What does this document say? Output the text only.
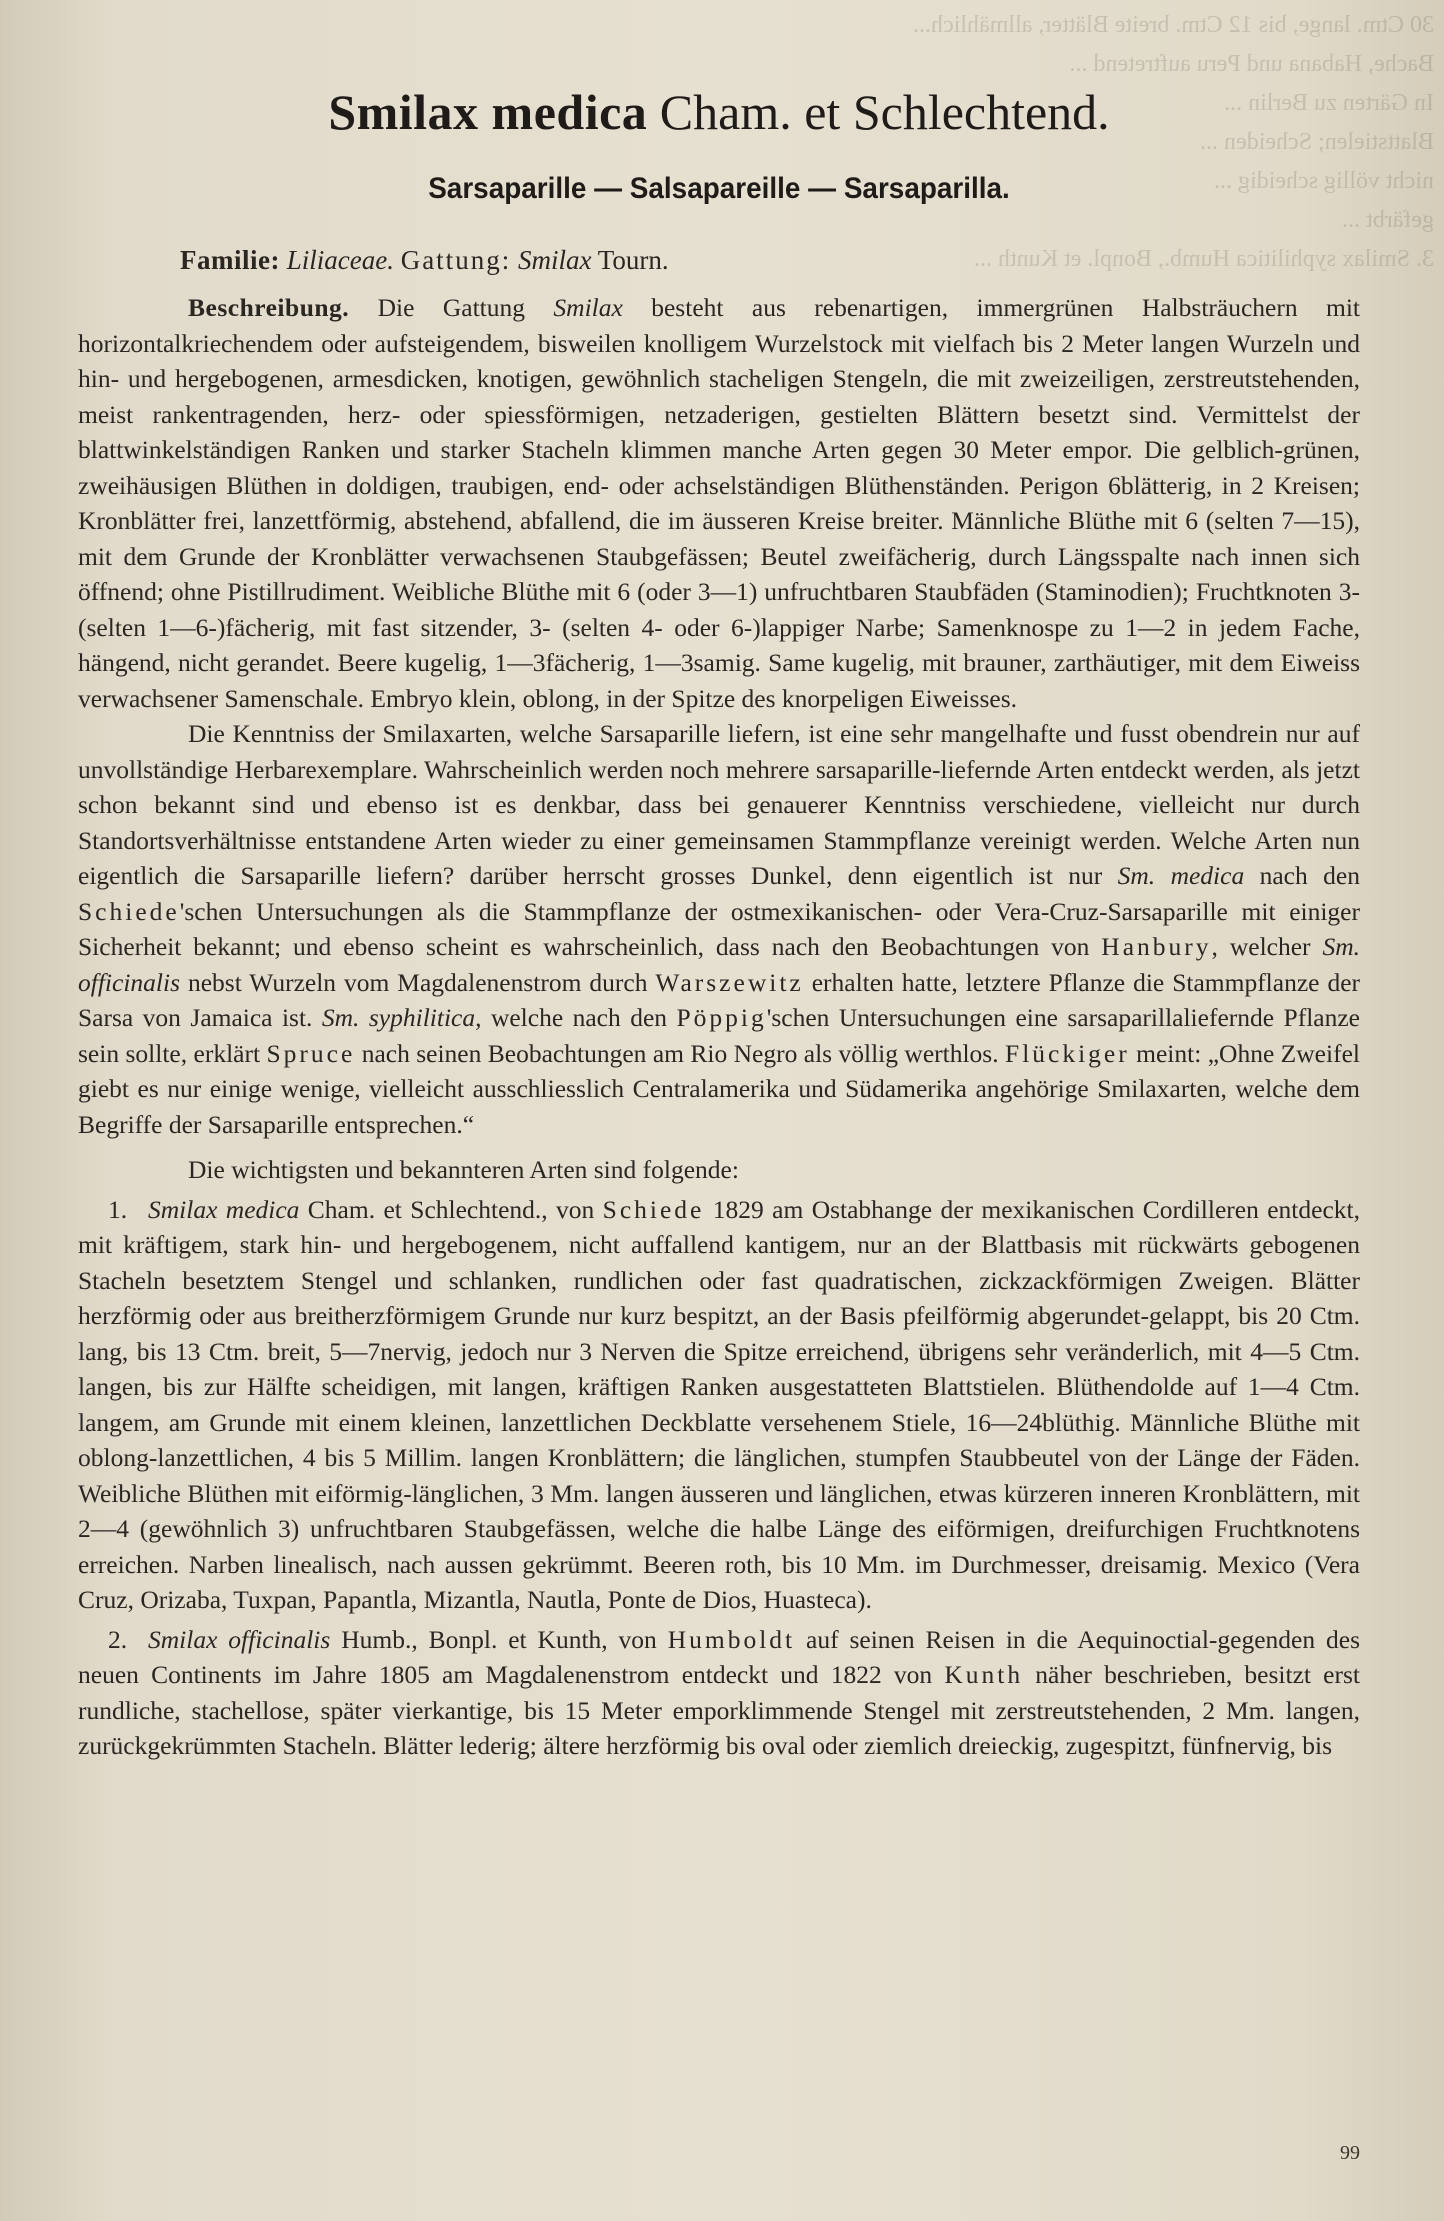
30 Ctm. lange, bis 12 Ctm. breite Blätter, allmählich...
Bache, Habana und Peru auftretend ...
In Gärten zu Berlin ...
Blattstielen; Scheiden ...
nicht völlig scheidig ...
gefärbt ...
3. Smilax syphilitica Humb., Bonpl. et Kunth ...
Smilax medica Cham. et Schlechtend.
Sarsaparille — Salsapareille — Sarsaparilla.
Familie: Liliaceae. Gattung: Smilax Tourn.

Beschreibung. Die Gattung Smilax besteht aus rebenartigen, immergrünen Halbsträuchern mit horizontalkriechendem oder aufsteigendem, bisweilen knolligem Wurzelstock mit vielfach bis 2 Meter langen Wurzeln und hin- und hergebogenen, armesdicken, knotigen, gewöhnlich stacheligen Stengeln, die mit zweizeiligen, zerstreutstehenden, meist rankentragenden, herz- oder spiessförmigen, netzaderigen, gestielten Blättern besetzt sind. Vermittelst der blattwinkelständigen Ranken und starker Stacheln klimmen manche Arten gegen 30 Meter empor. Die gelblich-grünen, zweihäusigen Blüthen in doldigen, traubigen, end- oder achselständigen Blüthenständen. Perigon 6blätterig, in 2 Kreisen; Kronblätter frei, lanzettförmig, abstehend, abfallend, die im äusseren Kreise breiter. Männliche Blüthe mit 6 (selten 7—15), mit dem Grunde der Kronblätter verwachsenen Staubgefässen; Beutel zweifächerig, durch Längsspalte nach innen sich öffnend; ohne Pistillrudiment. Weibliche Blüthe mit 6 (oder 3—1) unfruchtbaren Staubfäden (Staminodien); Fruchtknoten 3- (selten 1—6-)fächerig, mit fast sitzender, 3- (selten 4- oder 6-)lappiger Narbe; Samenknospe zu 1—2 in jedem Fache, hängend, nicht gerandet. Beere kugelig, 1—3fächerig, 1—3samig. Same kugelig, mit brauner, zarthäutiger, mit dem Eiweiss verwachsener Samenschale. Embryo klein, oblong, in der Spitze des knorpeligen Eiweisses.

Die Kenntniss der Smilaxarten, welche Sarsaparille liefern, ist eine sehr mangelhafte und fusst obendrein nur auf unvollständige Herbarexemplare. Wahrscheinlich werden noch mehrere sarsaparille-liefernde Arten entdeckt werden, als jetzt schon bekannt sind und ebenso ist es denkbar, dass bei genauerer Kenntniss verschiedene, vielleicht nur durch Standortsverhältnisse entstandene Arten wieder zu einer gemeinsamen Stammpflanze vereinigt werden. Welche Arten nun eigentlich die Sarsaparille liefern? darüber herrscht grosses Dunkel, denn eigentlich ist nur Sm. medica nach den Schiede'schen Untersuchungen als die Stammpflanze der ostmexikanischen- oder Vera-Cruz-Sarsaparille mit einiger Sicherheit bekannt; und ebenso scheint es wahrscheinlich, dass nach den Beobachtungen von Hanbury, welcher Sm. officinalis nebst Wurzeln vom Magdalenenstrom durch Warszewitz erhalten hatte, letztere Pflanze die Stammpflanze der Sarsa von Jamaica ist. Sm. syphilitica, welche nach den Pöppig'schen Untersuchungen eine sarsaparillaliefernde Pflanze sein sollte, erklärt Spruce nach seinen Beobachtungen am Rio Negro als völlig werthlos. Flückiger meint: „Ohne Zweifel giebt es nur einige wenige, vielleicht ausschliesslich Centralamerika und Südamerika angehörige Smilaxarten, welche dem Begriffe der Sarsaparille entsprechen.“

Die wichtigsten und bekannteren Arten sind folgende:

1. Smilax medica Cham. et Schlechtend., von Schiede 1829 am Ostabhange der mexikanischen Cordilleren entdeckt, mit kräftigem, stark hin- und hergebogenem, nicht auffallend kantigem, nur an der Blattbasis mit rückwärts gebogenen Stacheln besetztem Stengel und schlanken, rundlichen oder fast quadratischen, zickzackförmigen Zweigen. Blätter herzförmig oder aus breitherzförmigem Grunde nur kurz bespitzt, an der Basis pfeilförmig abgerundet-gelappt, bis 20 Ctm. lang, bis 13 Ctm. breit, 5—7nervig, jedoch nur 3 Nerven die Spitze erreichend, übrigens sehr veränderlich, mit 4—5 Ctm. langen, bis zur Hälfte scheidigen, mit langen, kräftigen Ranken ausgestatteten Blattstielen. Blüthendolde auf 1—4 Ctm. langem, am Grunde mit einem kleinen, lanzettlichen Deckblatte versehenem Stiele, 16—24blüthig. Männliche Blüthe mit oblong-lanzettlichen, 4 bis 5 Millim. langen Kronblättern; die länglichen, stumpfen Staubbeutel von der Länge der Fäden. Weibliche Blüthen mit eiförmig-länglichen, 3 Mm. langen äusseren und länglichen, etwas kürzeren inneren Kronblättern, mit 2—4 (gewöhnlich 3) unfruchtbaren Staubgefässen, welche die halbe Länge des eiförmigen, dreifurchigen Fruchtknotens erreichen. Narben linealisch, nach aussen gekrümmt. Beeren roth, bis 10 Mm. im Durchmesser, dreisamig. Mexico (Vera Cruz, Orizaba, Tuxpan, Papantla, Mizantla, Nautla, Ponte de Dios, Huasteca).

2. Smilax officinalis Humb., Bonpl. et Kunth, von Humboldt auf seinen Reisen in die Aequinoctial-gegenden des neuen Continents im Jahre 1805 am Magdalenenstrom entdeckt und 1822 von Kunth näher beschrieben, besitzt erst rundliche, stachellose, später vierkantige, bis 15 Meter emporklimmende Stengel mit zerstreutstehenden, 2 Mm. langen, zurückgekrümmten Stacheln. Blätter lederig; ältere herzförmig bis oval oder ziemlich dreieckig, zugespitzt, fünfnervig, bis

99
